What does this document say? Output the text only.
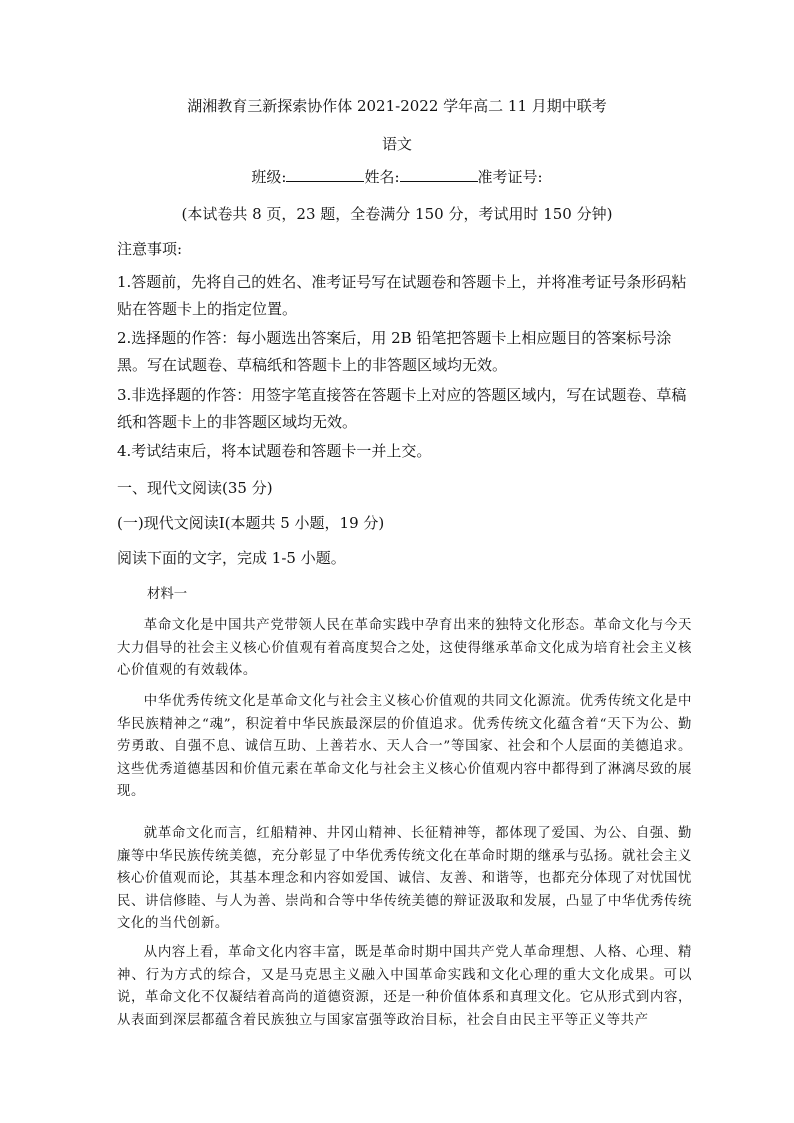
湖湘教育三新探索协作体 2021-2022 学年高二 11 月期中联考
语文
班级:	姓名:	准考证号:
(本试卷共 8 页，23 题，全卷满分 150 分，考试用时 150 分钟)
注意事项:
1.答题前，先将自己的姓名、准考证号写在试题卷和答题卡上，并将准考证号条形码粘贴在答题卡上的指定位置。
2.选择题的作答：每小题选出答案后，用 2B 铅笔把答题卡上相应题目的答案标号涂黑。写在试题卷、草稿纸和答题卡上的非答题区域均无效。
3.非选择题的作答：用签字笔直接答在答题卡上对应的答题区域内，写在试题卷、草稿纸和答题卡上的非答题区域均无效。
4.考试结束后，将本试题卷和答题卡一并上交。
一、现代文阅读(35 分)
(一)现代文阅读Ⅰ(本题共 5 小题，19 分)
阅读下面的文字，完成 1-5 小题。
材料一
革命文化是中国共产党带领人民在革命实践中孕育出来的独特文化形态。革命文化与今天大力倡导的社会主义核心价值观有着高度契合之处，这使得继承革命文化成为培育社会主义核心价值观的有效载体。
中华优秀传统文化是革命文化与社会主义核心价值观的共同文化源流。优秀传统文化是中华民族精神之“魂”，积淀着中华民族最深层的价值追求。优秀传统文化蕴含着“天下为公、勤劳勇敢、自强不息、诚信互助、上善若水、天人合一”等国家、社会和个人层面的美德追求。这些优秀道德基因和价值元素在革命文化与社会主义核心价值观内容中都得到了淋漓尽致的展现。
就革命文化而言，红船精神、井冈山精神、长征精神等，都体现了爱国、为公、自强、勤廉等中华民族传统美德，充分彰显了中华优秀传统文化在革命时期的继承与弘扬。就社会主义核心价值观而论，其基本理念和内容如爱国、诚信、友善、和谐等，也都充分体现了对忧国忧民、讲信修睦、与人为善、崇尚和合等中华传统美德的辩证汲取和发展，凸显了中华优秀传统文化的当代创新。
从内容上看，革命文化内容丰富，既是革命时期中国共产党人革命理想、人格、心理、精神、行为方式的综合，又是马克思主义融入中国革命实践和文化心理的重大文化成果。可以说，革命文化不仅凝结着高尚的道德资源，还是一种价值体系和真理文化。它从形式到内容，从表面到深层都蕴含着民族独立与国家富强等政治目标，社会自由民主平等正义等共产
